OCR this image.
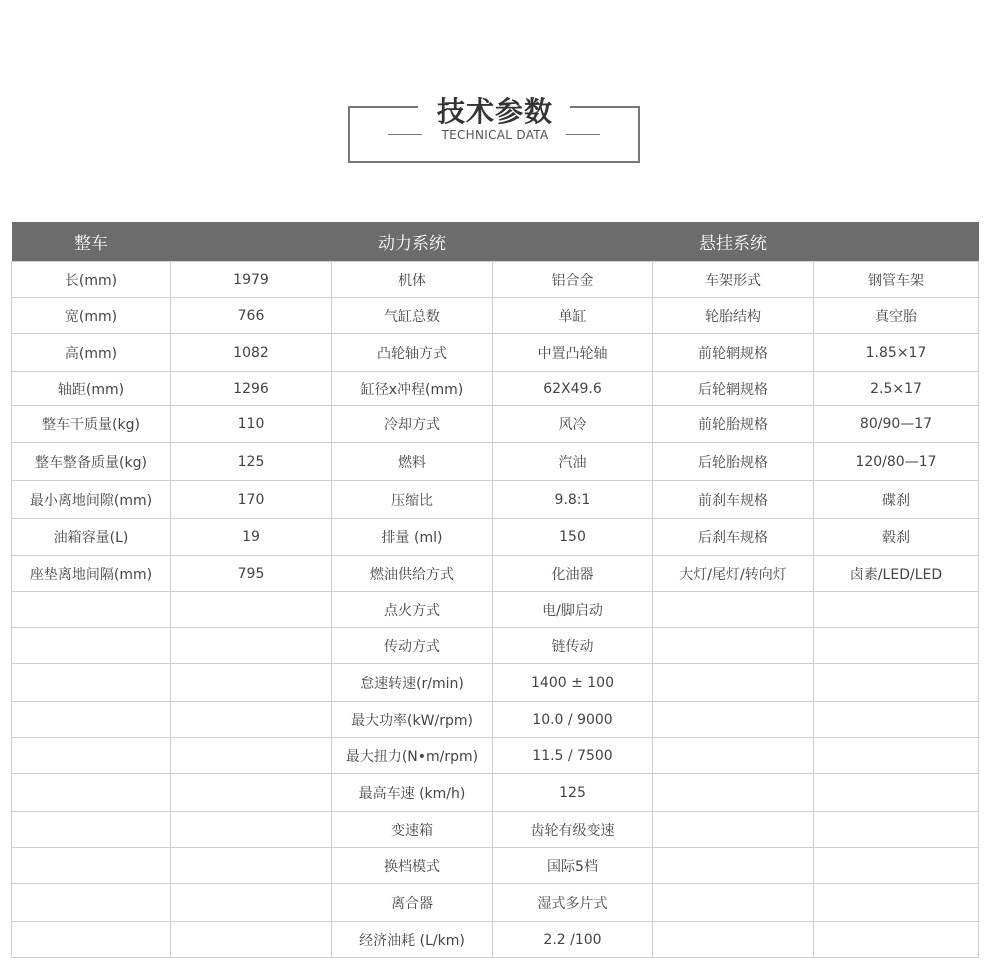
技术参数
TECHNICAL DATA
整车		动力系统		悬挂系统	

长(mm)	1979	机体	铝合金	车架形式	钢管车架
宽(mm)	766	气缸总数	单缸	轮胎结构	真空胎
高(mm)	1082	凸轮轴方式	中置凸轮轴	前轮辋规格	1.85×17
轴距(mm)	1296	缸径x冲程(mm)	62X49.6	后轮辋规格	2.5×17
整车干质量(kg)	110	冷却方式	风冷	前轮胎规格	80/90—17
整车整备质量(kg)	125	燃料	汽油	后轮胎规格	120/80—17
最小离地间隙(mm)	170	压缩比	9.8:1	前刹车规格	碟刹
油箱容量(L)	19	排量 (ml)	150	后刹车规格	毂刹
座垫离地间隔(mm)	795	燃油供给方式	化油器	大灯/尾灯/转向灯	卤素/LED/LED
		点火方式	电/脚启动		
		传动方式	链传动		
		怠速转速(r/min)	1400 ± 100		
		最大功率(kW/rpm)	10.0 / 9000		
		最大扭力(N•m/rpm)	11.5 / 7500		
		最高车速 (km/h)	125		
		变速箱	齿轮有级变速		
		换档模式	国际5档		
		离合器	湿式多片式		
		经济油耗 (L/km)	2.2 /100		
